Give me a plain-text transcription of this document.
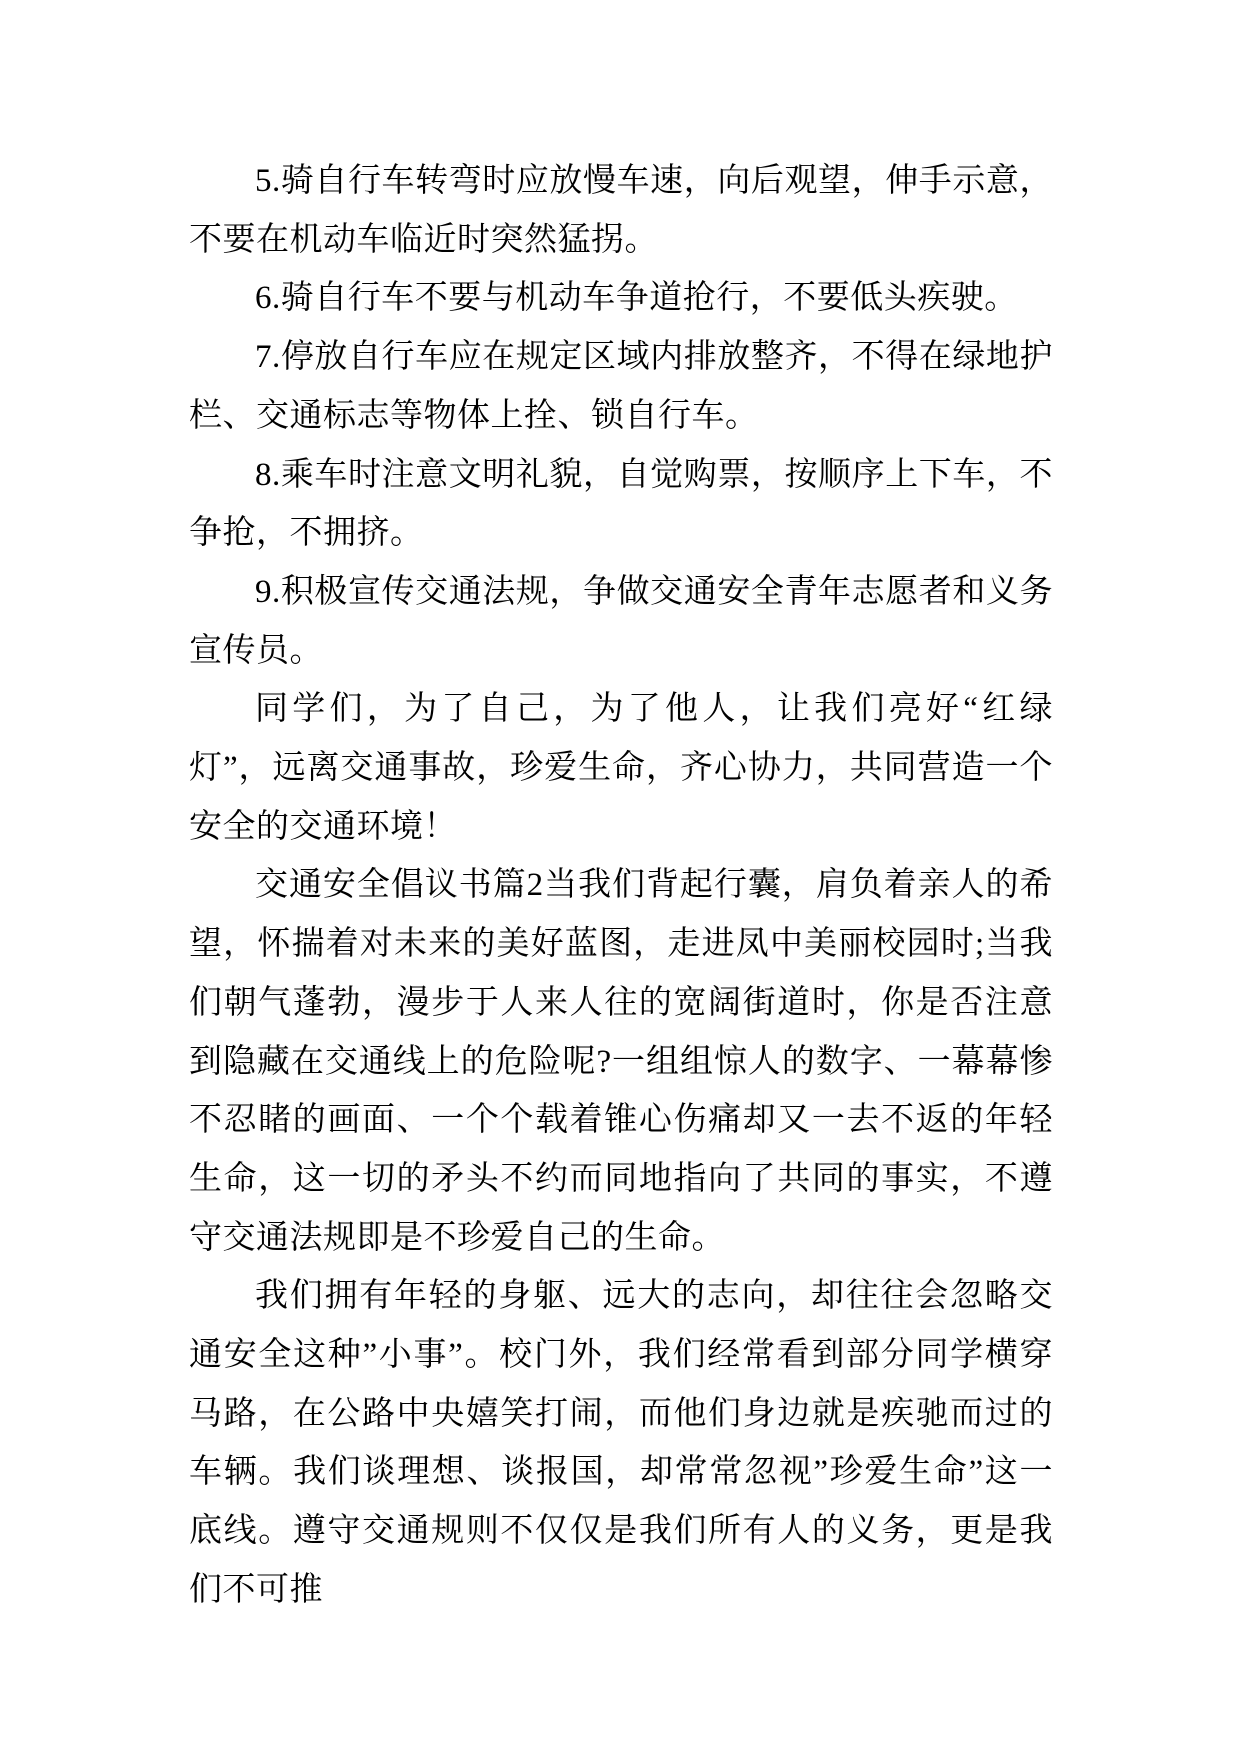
5.骑自行车转弯时应放慢车速，向后观望，伸手示意，不要在机动车临近时突然猛拐。

6.骑自行车不要与机动车争道抢行，不要低头疾驶。

7.停放自行车应在规定区域内排放整齐，不得在绿地护栏、交通标志等物体上拴、锁自行车。

8.乘车时注意文明礼貌，自觉购票，按顺序上下车，不争抢，不拥挤。

9.积极宣传交通法规，争做交通安全青年志愿者和义务宣传员。

同学们，为了自己，为了他人，让我们亮好“红绿灯”，远离交通事故，珍爱生命，齐心协力，共同营造一个安全的交通环境！

交通安全倡议书篇2当我们背起行囊，肩负着亲人的希望，怀揣着对未来的美好蓝图，走进凤中美丽校园时;当我们朝气蓬勃，漫步于人来人往的宽阔街道时，你是否注意到隐藏在交通线上的危险呢?一组组惊人的数字、一幕幕惨不忍睹的画面、一个个载着锥心伤痛却又一去不返的年轻生命，这一切的矛头不约而同地指向了共同的事实，不遵守交通法规即是不珍爱自己的生命。

我们拥有年轻的身躯、远大的志向，却往往会忽略交通安全这种”小事”。校门外，我们经常看到部分同学横穿马路，在公路中央嬉笑打闹，而他们身边就是疾驰而过的车辆。我们谈理想、谈报国，却常常忽视”珍爱生命”这一底线。遵守交通规则不仅仅是我们所有人的义务，更是我们不可推
